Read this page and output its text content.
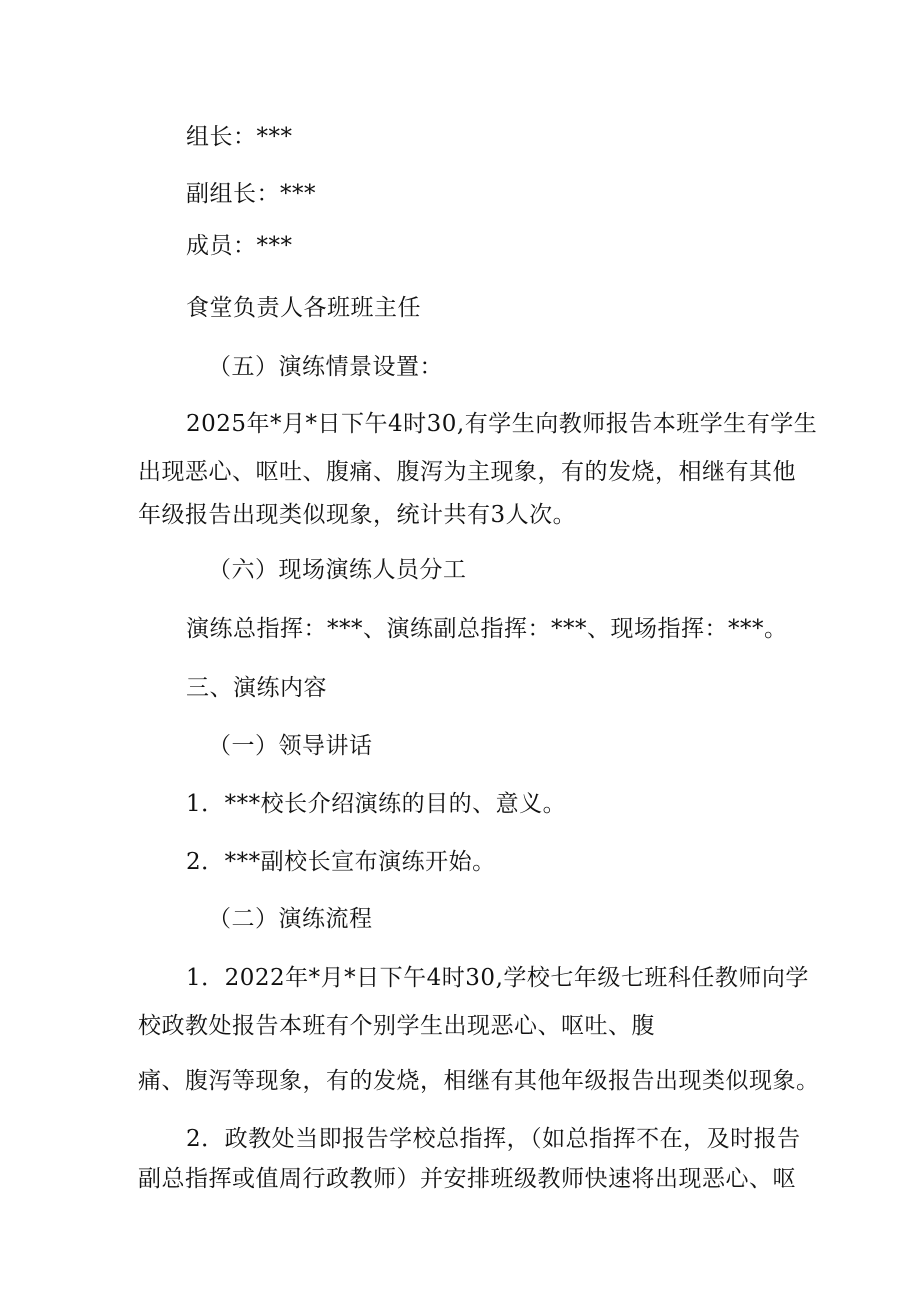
组长：***
副组长：***
成员：***
食堂负责人各班班主任
（五）演练情景设置：
2025年*月*日下午4时30,有学生向教师报告本班学生有学生
出现恶心、呕吐、腹痛、腹泻为主现象，有的发烧，相继有其他
年级报告出现类似现象，统计共有3人次。
（六）现场演练人员分工
演练总指挥：***、演练副总指挥：***、现场指挥：***。
三、演练内容
（一）领导讲话
1．***校长介绍演练的目的、意义。
2．***副校长宣布演练开始。
（二）演练流程
1．2022年*月*日下午4时30,学校七年级七班科任教师向学
校政教处报告本班有个别学生出现恶心、呕吐、腹
痛、腹泻等现象，有的发烧，相继有其他年级报告出现类似现象。
2．政教处当即报告学校总指挥，（如总指挥不在，及时报告
副总指挥或值周行政教师）并安排班级教师快速将出现恶心、呕
